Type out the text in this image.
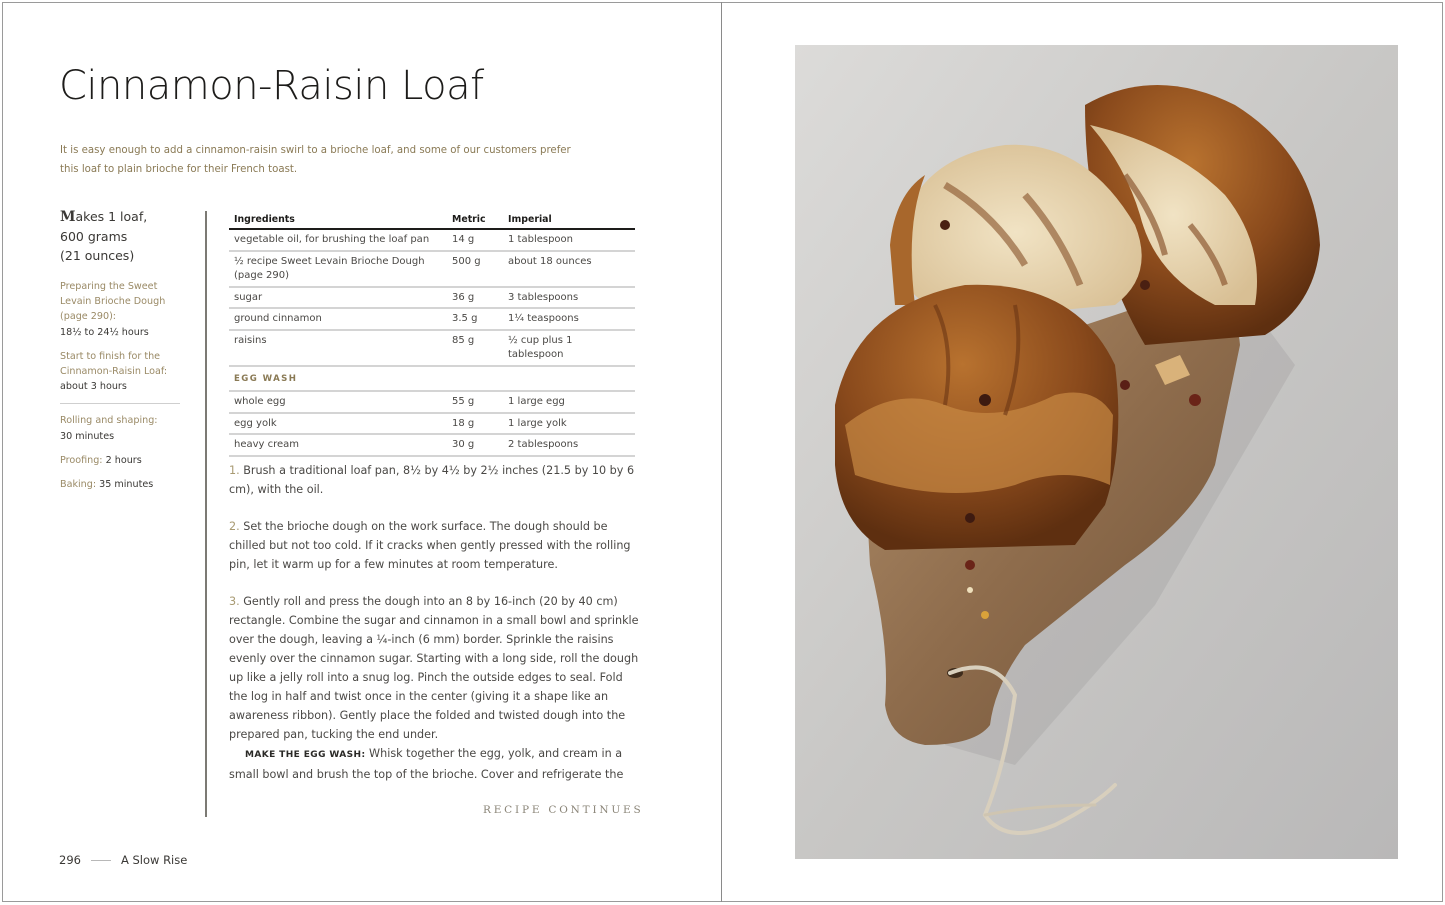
Cinnamon-Raisin Loaf

It is easy enough to add a cinnamon-raisin swirl to a brioche loaf, and some of our customers prefer this loaf to plain brioche for their French toast.

Makes 1 loaf,
600 grams
(21 ounces)
Preparing the Sweet Levain Brioche Dough (page 290):
18½ to 24½ hours
Start to finish for the Cinnamon-Raisin Loaf:
about 3 hours
Rolling and shaping:
30 minutes
Proofing: 2 hours
Baking: 35 minutes
Ingredients	Metric	Imperial
vegetable oil, for brushing the loaf pan	14 g	1 tablespoon
½ recipe Sweet Levain Brioche Dough (page 290)	500 g	about 18 ounces
sugar	36 g	3 tablespoons
ground cinnamon	3.5 g	1¼ teaspoons
raisins	85 g	½ cup plus 1 tablespoon
EGG WASH		
whole egg	55 g	1 large egg
egg yolk	18 g	1 large yolk
heavy cream	30 g	2 tablespoons

1. Brush a traditional loaf pan, 8½ by 4½ by 2½ inches (21.5 by 10 by 6 cm), with the oil.

2. Set the brioche dough on the work surface. The dough should be chilled but not too cold. If it cracks when gently pressed with the rolling pin, let it warm up for a few minutes at room temperature.

3. Gently roll and press the dough into an 8 by 16-inch (20 by 40 cm) rectangle. Combine the sugar and cinnamon in a small bowl and sprinkle over the dough, leaving a ¼-inch (6 mm) border. Sprinkle the raisins evenly over the cinnamon sugar. Starting with a long side, roll the dough up like a jelly roll into a snug log. Pinch the outside edges to seal. Fold the log in half and twist once in the center (giving it a shape like an awareness ribbon). Gently place the folded and twisted dough into the prepared pan, tucking the end under.

MAKE THE EGG WASH: Whisk together the egg, yolk, and cream in a small bowl and brush the top of the brioche. Cover and refrigerate the

RECIPE CONTINUES
296	A Slow Rise
